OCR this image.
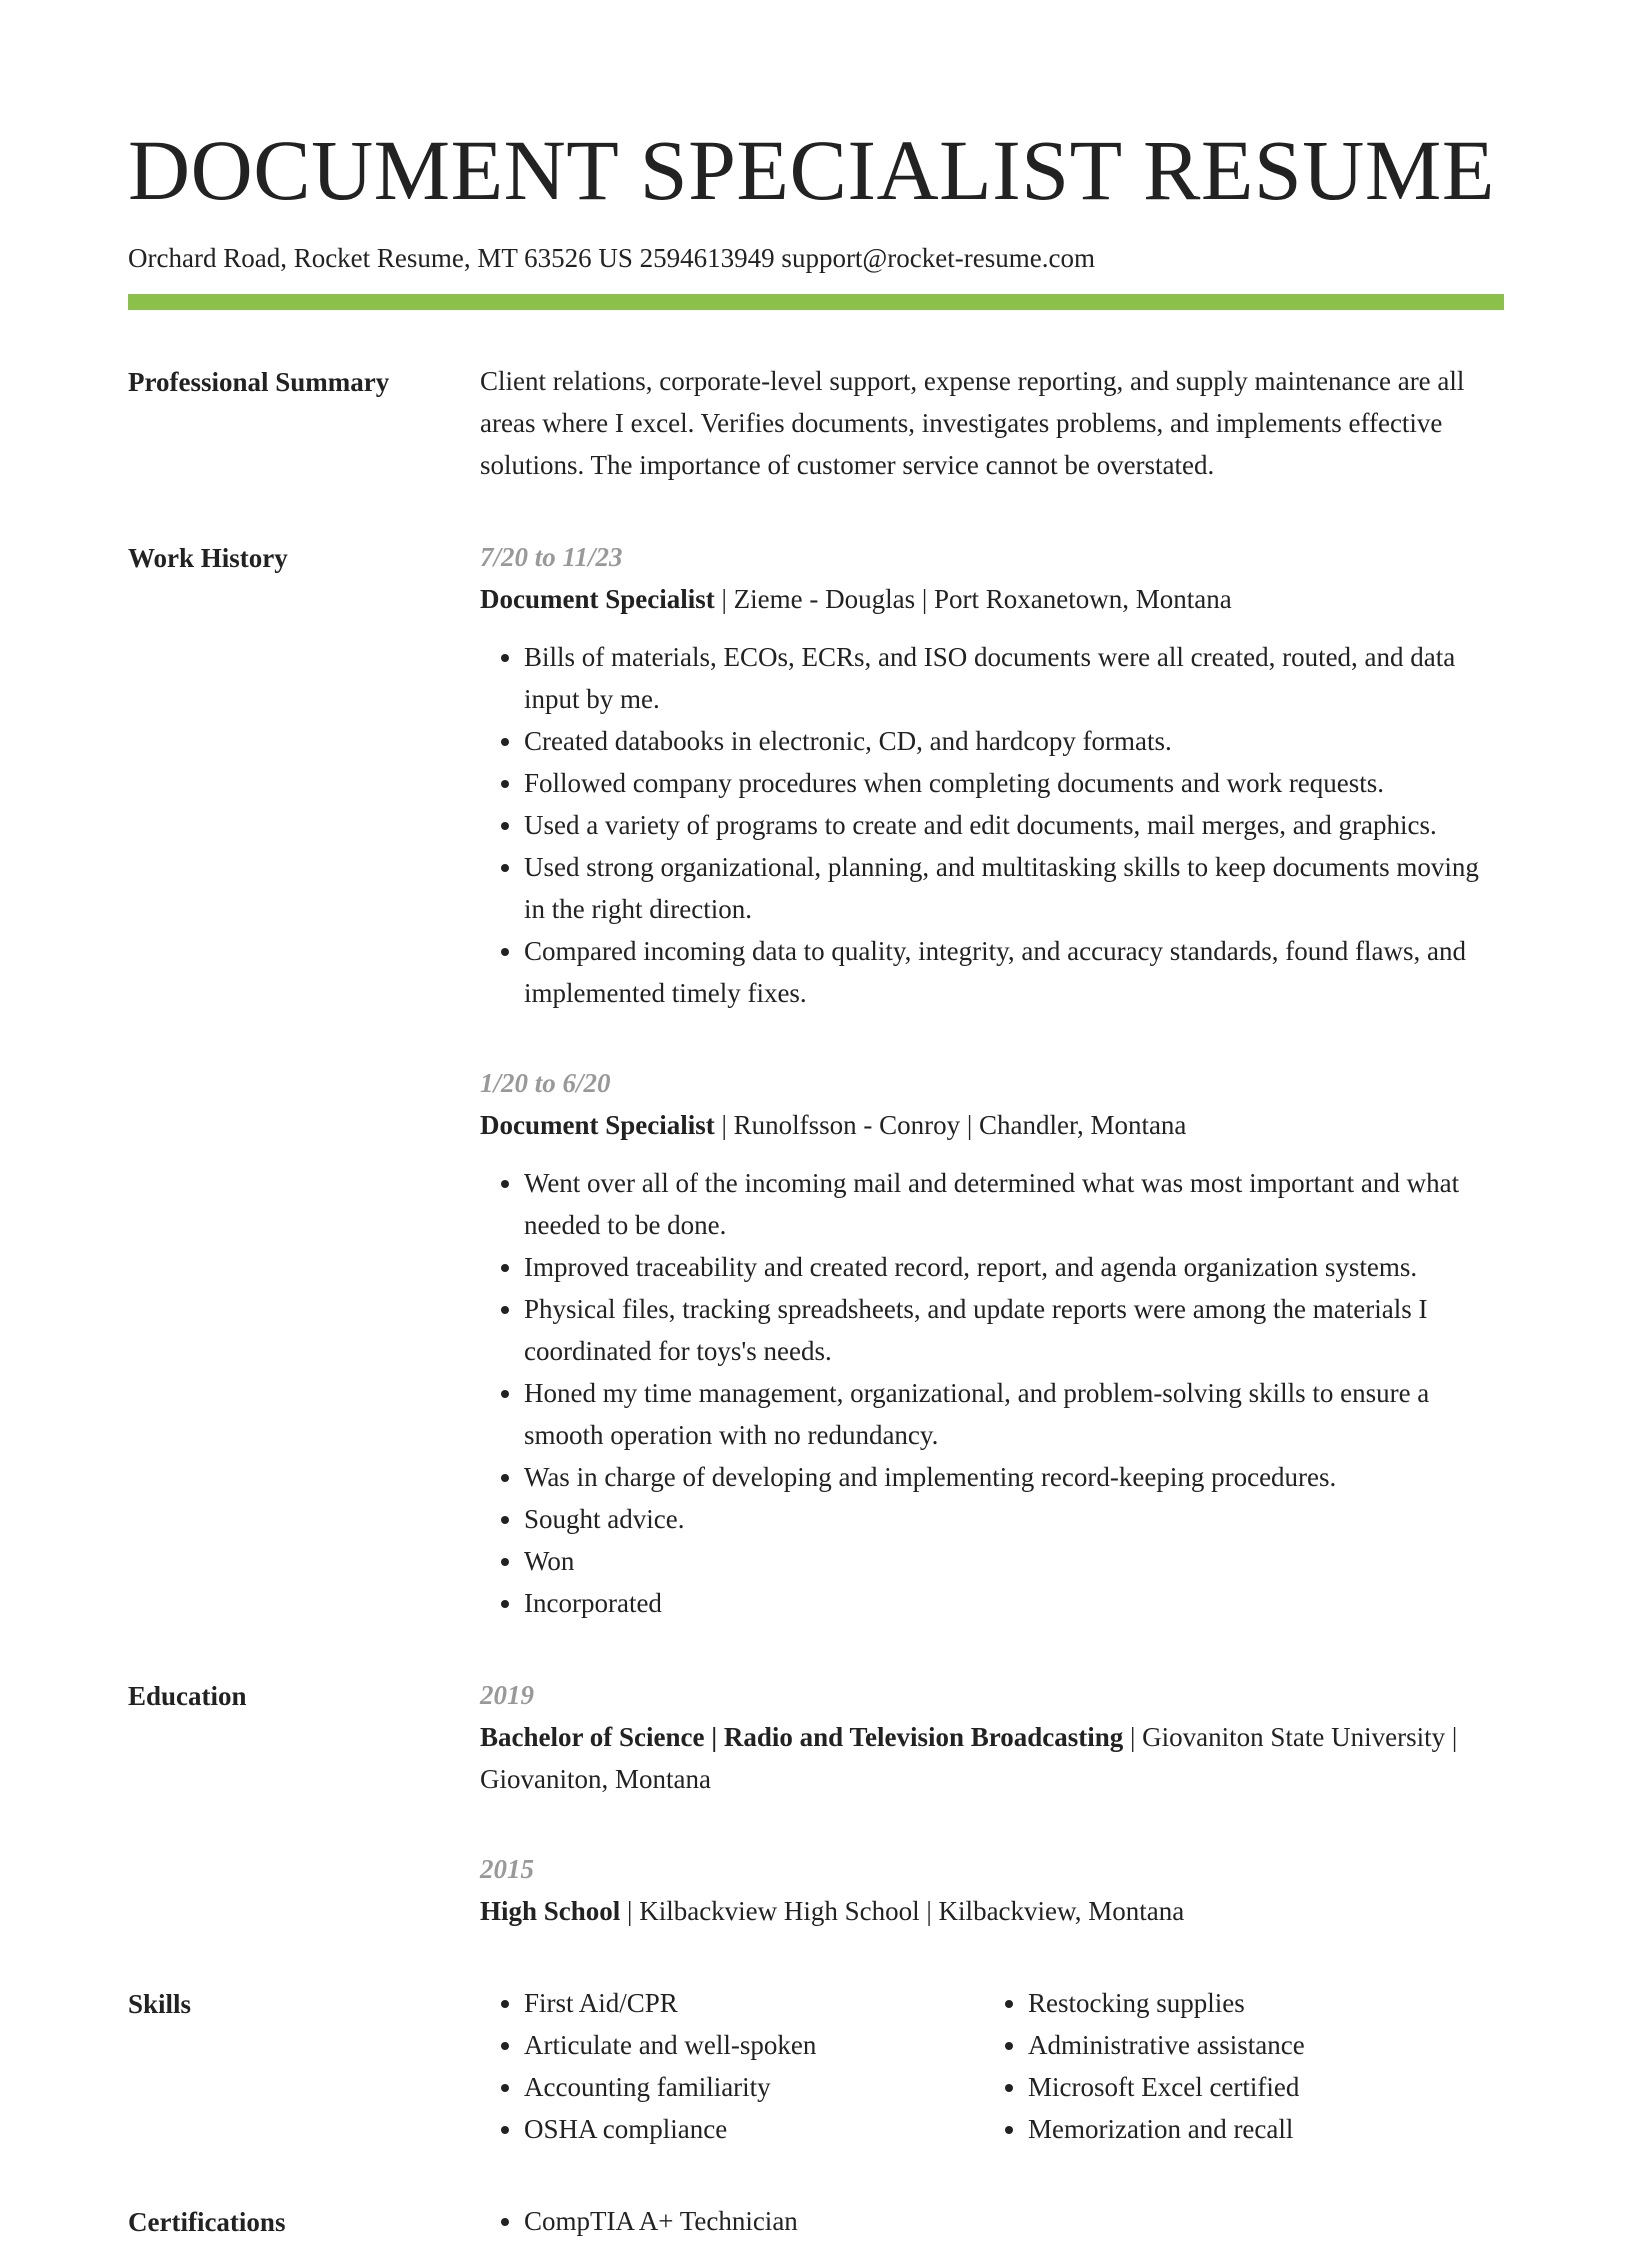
DOCUMENT SPECIALIST RESUME
Orchard Road, Rocket Resume, MT 63526 US 2594613949 support@rocket-resume.com
Professional Summary	Client relations, corporate-level support, expense reporting, and supply maintenance are all areas where I excel. Verifies documents, investigates problems, and implements effective solutions. The importance of customer service cannot be overstated.

Work History	7/20 to 11/23
Document Specialist | Zieme - Douglas | Port Roxanetown, Montana
• Bills of materials, ECOs, ECRs, and ISO documents were all created, routed, and data input by me.
• Created databooks in electronic, CD, and hardcopy formats.
• Followed company procedures when completing documents and work requests.
• Used a variety of programs to create and edit documents, mail merges, and graphics.
• Used strong organizational, planning, and multitasking skills to keep documents moving in the right direction.
• Compared incoming data to quality, integrity, and accuracy standards, found flaws, and implemented timely fixes.
1/20 to 6/20
Document Specialist | Runolfsson - Conroy | Chandler, Montana
• Went over all of the incoming mail and determined what was most important and what needed to be done.
• Improved traceability and created record, report, and agenda organization systems.
• Physical files, tracking spreadsheets, and update reports were among the materials I coordinated for toys's needs.
• Honed my time management, organizational, and problem-solving skills to ensure a smooth operation with no redundancy.
• Was in charge of developing and implementing record-keeping procedures.
• Sought advice.
• Won
• Incorporated
Education	2019
Bachelor of Science | Radio and Television Broadcasting | Giovaniton State University | Giovaniton, Montana
2015
High School | Kilbackview High School | Kilbackview, Montana
Skills	• First Aid/CPR
• Articulate and well-spoken
• Accounting familiarity
• OSHA compliance
• Restocking supplies
• Administrative assistance
• Microsoft Excel certified
• Memorization and recall
Certifications	• CompTIA A+ Technician
